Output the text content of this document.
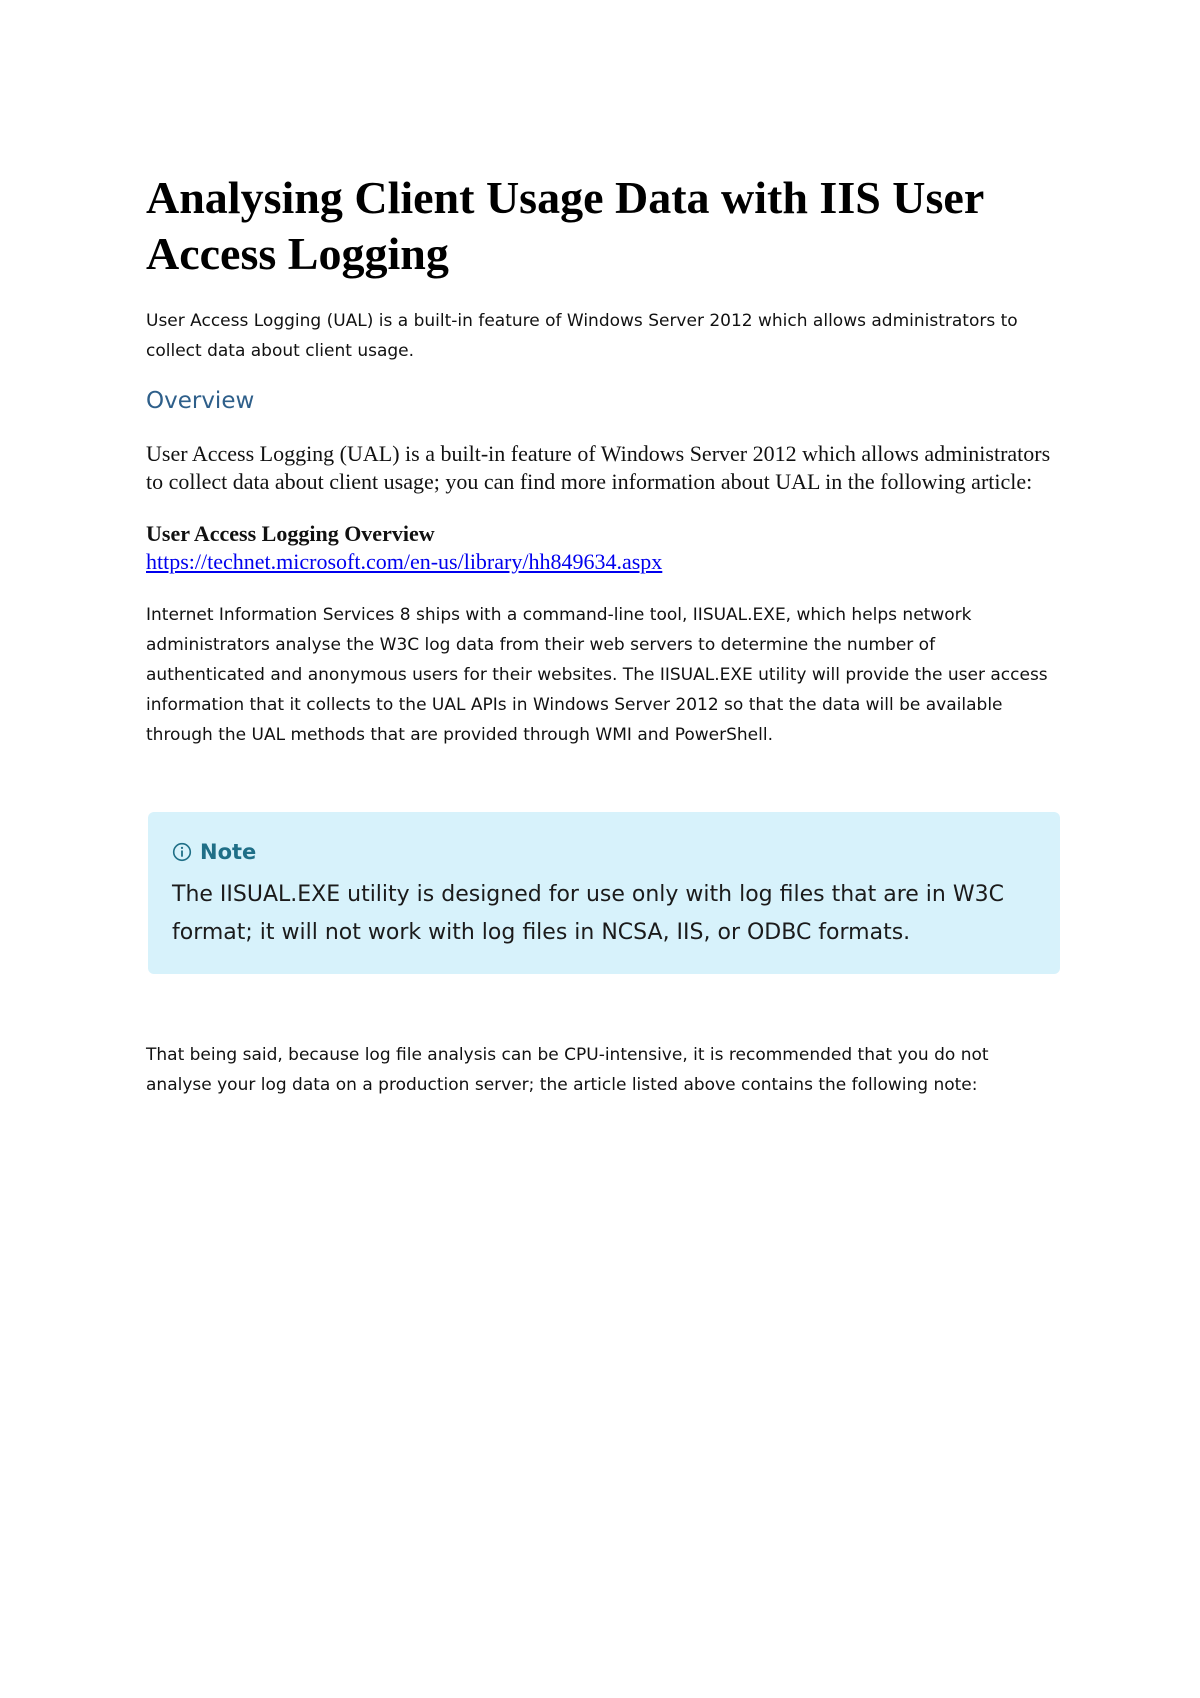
Analysing Client Usage Data with IIS User Access Logging

User Access Logging (UAL) is a built-in feature of Windows Server 2012 which allows administrators to collect data about client usage.

Overview

User Access Logging (UAL) is a built-in feature of Windows Server 2012 which allows administrators to collect data about client usage; you can find more information about UAL in the following article:

User Access Logging Overview
https://technet.microsoft.com/en-us/library/hh849634.aspx

Internet Information Services 8 ships with a command-line tool, IISUAL.EXE, which helps network administrators analyse the W3C log data from their web servers to determine the number of authenticated and anonymous users for their websites. The IISUAL.EXE utility will provide the user access information that it collects to the UAL APIs in Windows Server 2012 so that the data will be available through the UAL methods that are provided through WMI and PowerShell.

Note

The IISUAL.EXE utility is designed for use only with log files that are in W3C format; it will not work with log files in NCSA, IIS, or ODBC formats.

That being said, because log file analysis can be CPU-intensive, it is recommended that you do not analyse your log data on a production server; the article listed above contains the following note:
